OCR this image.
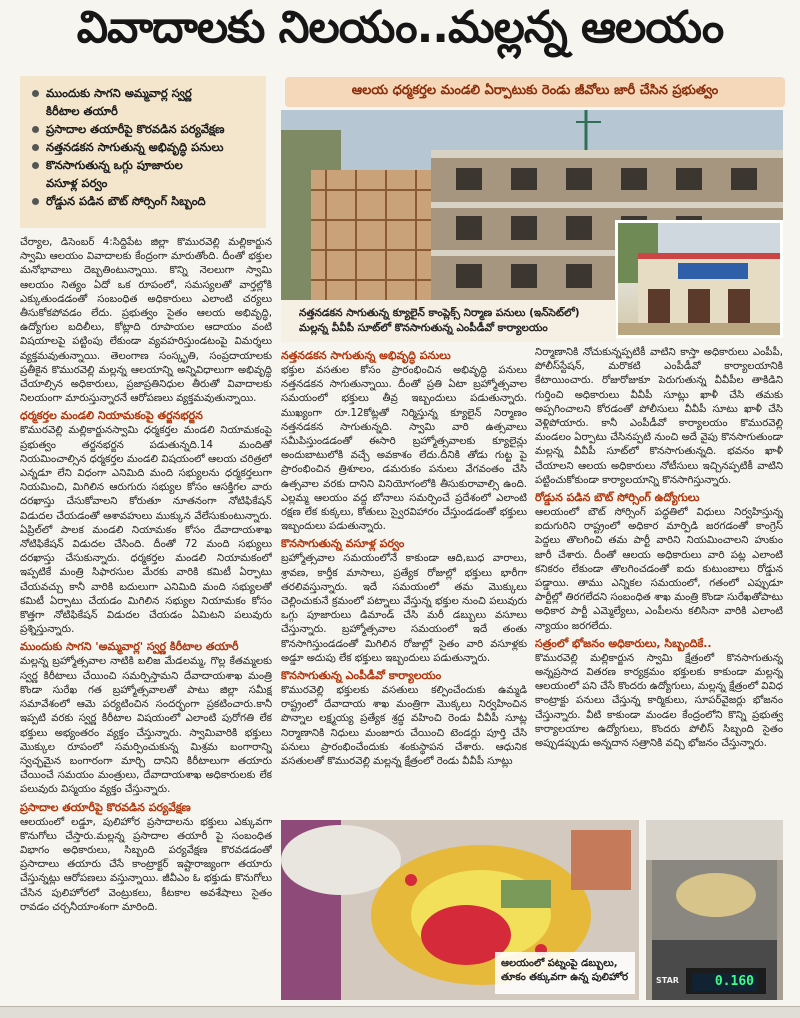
వివాదాలకు నిలయం..మల్లన్న ఆలయం
ముందుకు సాగని అమ్మవార్ల స్వర్ణ
కిరీటాల తయారీ
ప్రసాదాల తయారీపై కొరవడిన పర్యవేక్షణ
నత్తనడకన సాగుతున్న అభివృద్ధి పనులు
కొనసాగుతున్న ఒగ్గు పూజారుల
వసూళ్ల పర్వం
రోడ్డున పడిన బౌట్ సోర్సింగ్ సిబ్బంది
ఆలయ ధర్మకర్తల మండలి ఏర్పాటుకు రెండు జీవోలు జారీ చేసిన ప్రభుత్వం
నత్తనడకన సాగుతున్న క్యూలైన్ కాంప్లెక్స్ నిర్మాణ పనులు (ఇన్‌సెట్‌లో) మల్లన్న వీవీపీ సూట్‌లో కొనసాగుతున్న ఎంపీడీవో కార్యాలయం

చేర్యాల, డిసెంబర్ 4:సిద్దిపేట జిల్లా కొమురవెల్లి మల్లికార్జున స్వామి ఆలయం వివాదాలకు కేంద్రంగా మారుతోంది. దీంతో భక్తుల మనోభావాలు దెబ్బతింటున్నాయి. కొన్ని నెలలుగా స్వామి ఆలయం నిత్యం ఏదో ఒక రూపంలో, సమస్యలతో వార్తల్లోకి ఎక్కుతుండడంతో సంబంధిత అధికారులు ఎలాంటి చర్యలు తీసుకోకపోవడం లేదు. ప్రభుత్వం సైతం ఆలయ అభివృద్ధి, ఉద్యోగుల బదిలీలు, కోట్లాది రూపాయల ఆదాయం వంటి విషయాలపై పట్టింపు లేకుండా వ్యవహరిస్తుండటంపై విమర్శలు వ్యక్తమవుతున్నాయి. తెలంగాణ సంస్కృతి, సంప్రదాయాలకు ప్రతీకైన కొమురవెల్లి మల్లన్న ఆలయాన్ని అన్నివిధాలుగా అభివృద్ధి చేయాల్సిన అధికారులు, ప్రజాప్రతినిధుల తీరుతో వివాదాలకు నిలయంగా మారుస్తున్నారనే ఆరోపణలు వ్యక్తమవుతున్నాయి.

ధర్మకర్తల మండలి నియామకంపై తర్జనభర్జన

కొమురవెల్లి మల్లికార్జునస్వామి ధర్మకర్తల మండలి నియామకంపై ప్రభుత్వం తర్జనభర్జన పడుతున్నది.14 మందితో నియమించాల్సిన ధర్మకర్తల మండలి విషయంలో ఆలయ చరిత్రలో ఎన్నడూ లేని విధంగా ఎనిమిది మంది సభ్యులను ధర్మకర్తలుగా నియమించి, మిగిలిన ఆరుగురు సభ్యుల కోసం ఆసక్తిగల వారు దరఖాస్తు చేసుకోవాలని కోరుతూ నూతనంగా నోటిఫికేషన్ విడుదల చేయడంతో ఆశావహులు ముక్కున వేలేసుకుంటున్నారు. ఏప్రిల్‌లో పాలక మండలి నియామకం కోసం దేవాదాయశాఖ నోటిఫికేషన్ విడుదల చేసింది. దీంతో 72 మంది సభ్యులు దరఖాస్తు చేసుకున్నారు. ధర్మకర్తల మండలి నియామకంలో ఇప్పటికే మంత్రి సిఫారసుల మేరకు వారికి కమిటీ ఏర్పాటు చేయవచ్చు కానీ వారికి బదులుగా ఎనిమిది మంది సభ్యులతో కమిటీ ఏర్పాటు చేయడం మిగిలిన సభ్యుల నియామకం కోసం కొత్తగా నోటిఫికేషన్ విడుదల చేయడం ఏమిటని పలువురు ప్రశ్నిస్తున్నారు.

ముందుకు సాగని 'అమ్మవార్ల' స్వర్ణ కిరీటాల తయారీ

మల్లన్న బ్రహ్మోత్సవాల నాటికి బలిజ మేడలమ్మ, గొల్ల కేతమ్మలకు స్వర్ణ కిరీటాలు చేయించి సమర్పిస్తామని దేవాదాయశాఖ మంత్రి కొండా సురేఖ గత బ్రహ్మోత్సవాలతో పాటు జిల్లా సమీక్ష సమావేశంలో ఆమె పర్యటించిన సందర్భంగా ప్రకటించారు.కానీ ఇప్పటి వరకు స్వర్ణ కిరీటాల విషయంలో ఎలాంటి పురోగతి లేక భక్తులు అభ్యంతరం వ్యక్తం చేస్తున్నారు. స్వామివారికి భక్తులు మొక్కుల రూపంలో సమర్పించుకున్న మిశ్రమ బంగారాన్ని స్వచ్ఛమైన బంగారంగా మార్చి దానిని కిరీటాలుగా తయారు చేయించే సమయం మంత్రులు, దేవాదాయశాఖ అధికారులకు లేక పలువురు విస్మయం వ్యక్తం చేస్తున్నారు.

ప్రసాదాల తయారీపై కొరవడిన పర్యవేక్షణ

ఆలయంలో లడ్డూ, పులిహోర ప్రసాదాలను భక్తులు ఎక్కువగా కొనుగోలు చేస్తారు.మల్లన్న ప్రసాదాల తయారీ పై సంబంధిత విభాగం అధికారులు, సిబ్బంది పర్యవేక్షణ కొరవడడంతో ప్రసాదాలు తయారు చేసే కాంట్రాక్టర్ ఇష్టారాజ్యంగా తయారు చేస్తున్నట్లు ఆరోపణలు వస్తున్నాయి. జీవీఎం ఓ భక్తుడు కొనుగోలు చేసిన పులిహోరలో వెంట్రుకలు, కీటకాల అవశేషాలు సైతం రావడం చర్చనీయాంశంగా మారింది.

నత్తనడకన సాగుతున్న అభివృద్ధి పనులు

భక్తుల వసతుల కోసం ప్రారంభించిన అభివృద్ధి పనులు నత్తనడకన సాగుతున్నాయి. దీంతో ప్రతి ఏటా బ్రహ్మోత్సవాల సమయంలో భక్తులు తీవ్ర ఇబ్బందులు పడుతున్నారు. ముఖ్యంగా రూ.12కోట్లతో నిర్మిస్తున్న క్యూలైన్ నిర్మాణం నత్తనడకన సాగుతున్నది. స్వామి వారి ఉత్సవాలు సమీపిస్తుండడంతో ఈసారి బ్రహ్మోత్సవాలకు క్యూలైన్లు అందుబాటులోకి వచ్చే అవకాశం లేదు.దీనికి తోడు గుట్ట పై ప్రారంభించిన త్రిశూలం, డమరుకం పనులు వేగవంతం చేసి ఉత్సవాల వరకు దానిని వినియోగంలోకి తీసుకురావాల్సి ఉంది. ఎల్లమ్మ ఆలయం వద్ద బోనాలు సమర్పించే ప్రదేశంలో ఎలాంటి రక్షణ లేక కుక్కలు, కోతులు స్వైరవిహారం చేస్తుండడంతో భక్తులు ఇబ్బందులు పడుతున్నారు.

కొనసాగుతున్న వసూళ్ల పర్వం

బ్రహ్మోత్సవాల సమయంలోనే కాకుండా ఆది,బుధ వారాలు, శ్రావణ, కార్తీక మాసాలు, ప్రత్యేక రోజుల్లో భక్తులు భారీగా తరలివస్తున్నారు. ఇదే సమయంలో తమ మొక్కులు చెల్లించుకునే క్రమంలో పట్నాలు వేస్తున్న భక్తుల నుంచి పలువురు ఒగ్గు పూజారులు డిమాండ్ చేసి మరీ డబ్బులు వసూలు చేస్తున్నారు. బ్రహ్మోత్సవాల సమయంలో ఇదే తంతు కొనసాగిస్తుండడంతో మిగిలిన రోజుల్లో సైతం వారి వసూళ్లకు అడ్డూ అదుపు లేక భక్తులు ఇబ్బందులు పడుతున్నారు.

కొనసాగుతున్న ఎంపీడీవో కార్యాలయం

కొమురవెల్లి భక్తులకు వసతులు కల్పించేందుకు ఉమ్మడి రాష్ట్రంలో దేవాదాయ శాఖ మంత్రిగా మొక్కలు నిర్వహించిన పొన్నాల లక్ష్మయ్య ప్రత్యేక శ్రద్ధ వహించి రెండు వీవీపీ సూట్ల నిర్మాణానికి నిధులు మంజూరు చేయించి టెండర్లు పూర్తి చేసి పనులు ప్రారంభించేందుకు శంకుస్థాపన చేశారు. ఆధునిక వసతులతో కొమురవెల్లి మల్లన్న క్షేత్రంలో రెండు వీవీపీ సూట్లు

నిర్మాణానికి నోచుకున్నప్పటికీ వాటిని కాస్తా అధికారులు ఎంపీపీ, పోలీస్‌స్టేషన్, మరొకటి ఎంపీడీవో కార్యాలయానికి కేటాయించారు. రోజురోజుకూ పెరుగుతున్న వీవీపీల తాకిడిని గుర్తించి అధికారులు వీవీపీ సూట్లు ఖాళీ చేసి తమకు అప్పగించాలని కోరడంతో పోలీసులు వీవీపీ సూటు ఖాళీ చేసి వెళ్లిపోయారు. కానీ ఎంపీడీవో కార్యాలయం కొమురవెల్లి మండలం ఏర్పాటు చేసినప్పటి నుంచి అదే వైపు కొనసాగుతుండా మల్లన్న వీవీపీ సూట్‌లో కొనసాగుతున్నది. భవనం ఖాళీ చేయాలని ఆలయ అధికారులు నోటీసులు ఇచ్చినప్పటికీ వాటిని పట్టించుకోకుండా కార్యాలయాన్ని కొనసాగిస్తున్నారు.

రోడ్డున పడిన బౌట్ సోర్సింగ్ ఉద్యోగులు

ఆలయంలో బౌట్ సోర్సింగ్ పద్ధతిలో విధులు నిర్వహిస్తున్న ఐదుగురిని రాష్ట్రంలో అధికార మార్పిడి జరగడంతో కాంగ్రెస్ పెద్దలు తొలగించి తమ పార్టీ వారిని నియమించాలని హుకుం జారీ చేశారు. దీంతో ఆలయ అధికారులు వారి పట్ల ఎలాంటి కనికరం లేకుండా తొలగించడంతో ఐదు కుటుంబాలు రోడ్డున పడ్డాయి. తాము ఎన్నికల సమయంలో, గతంలో ఎప్పుడూ పార్టీల్లో తిరగలేదని సంబంధిత శాఖ మంత్రి కొండా సురేఖతోపాటు అధికార పార్టీ ఎమ్మెల్యేలు, ఎంపీలను కలిసినా వారికి ఎలాంటి న్యాయం జరగలేదు.

సత్రంలో భోజనం అధికారులు, సిబ్బందికే..

కొమురవెల్లి మల్లికార్జున స్వామి క్షేత్రంలో కొనసాగుతున్న అన్నప్రసాద వితరణ కార్యక్రమం భక్తులకు కాకుండా మల్లన్న ఆలయంలో పని చేసే కొందరు ఉద్యోగులు, మల్లన్న క్షేత్రంలో వివిధ కాంట్రాక్టు పనులు చేస్తున్న కార్మికులు, సూపర్‌వైజర్లు భోజనం చేస్తున్నారు. వీటి కాకుండా మండల కేంద్రంలోని కొన్ని ప్రభుత్వ కార్యాలయాల ఉద్యోగులు, కొందరు పోలీస్ సిబ్బంది సైతం అప్పుడప్పుడు అన్నదాన సత్రానికి వచ్చి భోజనం చేస్తున్నారు.

ఆలయంలో పట్నంపై డబ్బులు, తూకం తక్కువగా ఉన్న పులిహోర	0.160
STAR
